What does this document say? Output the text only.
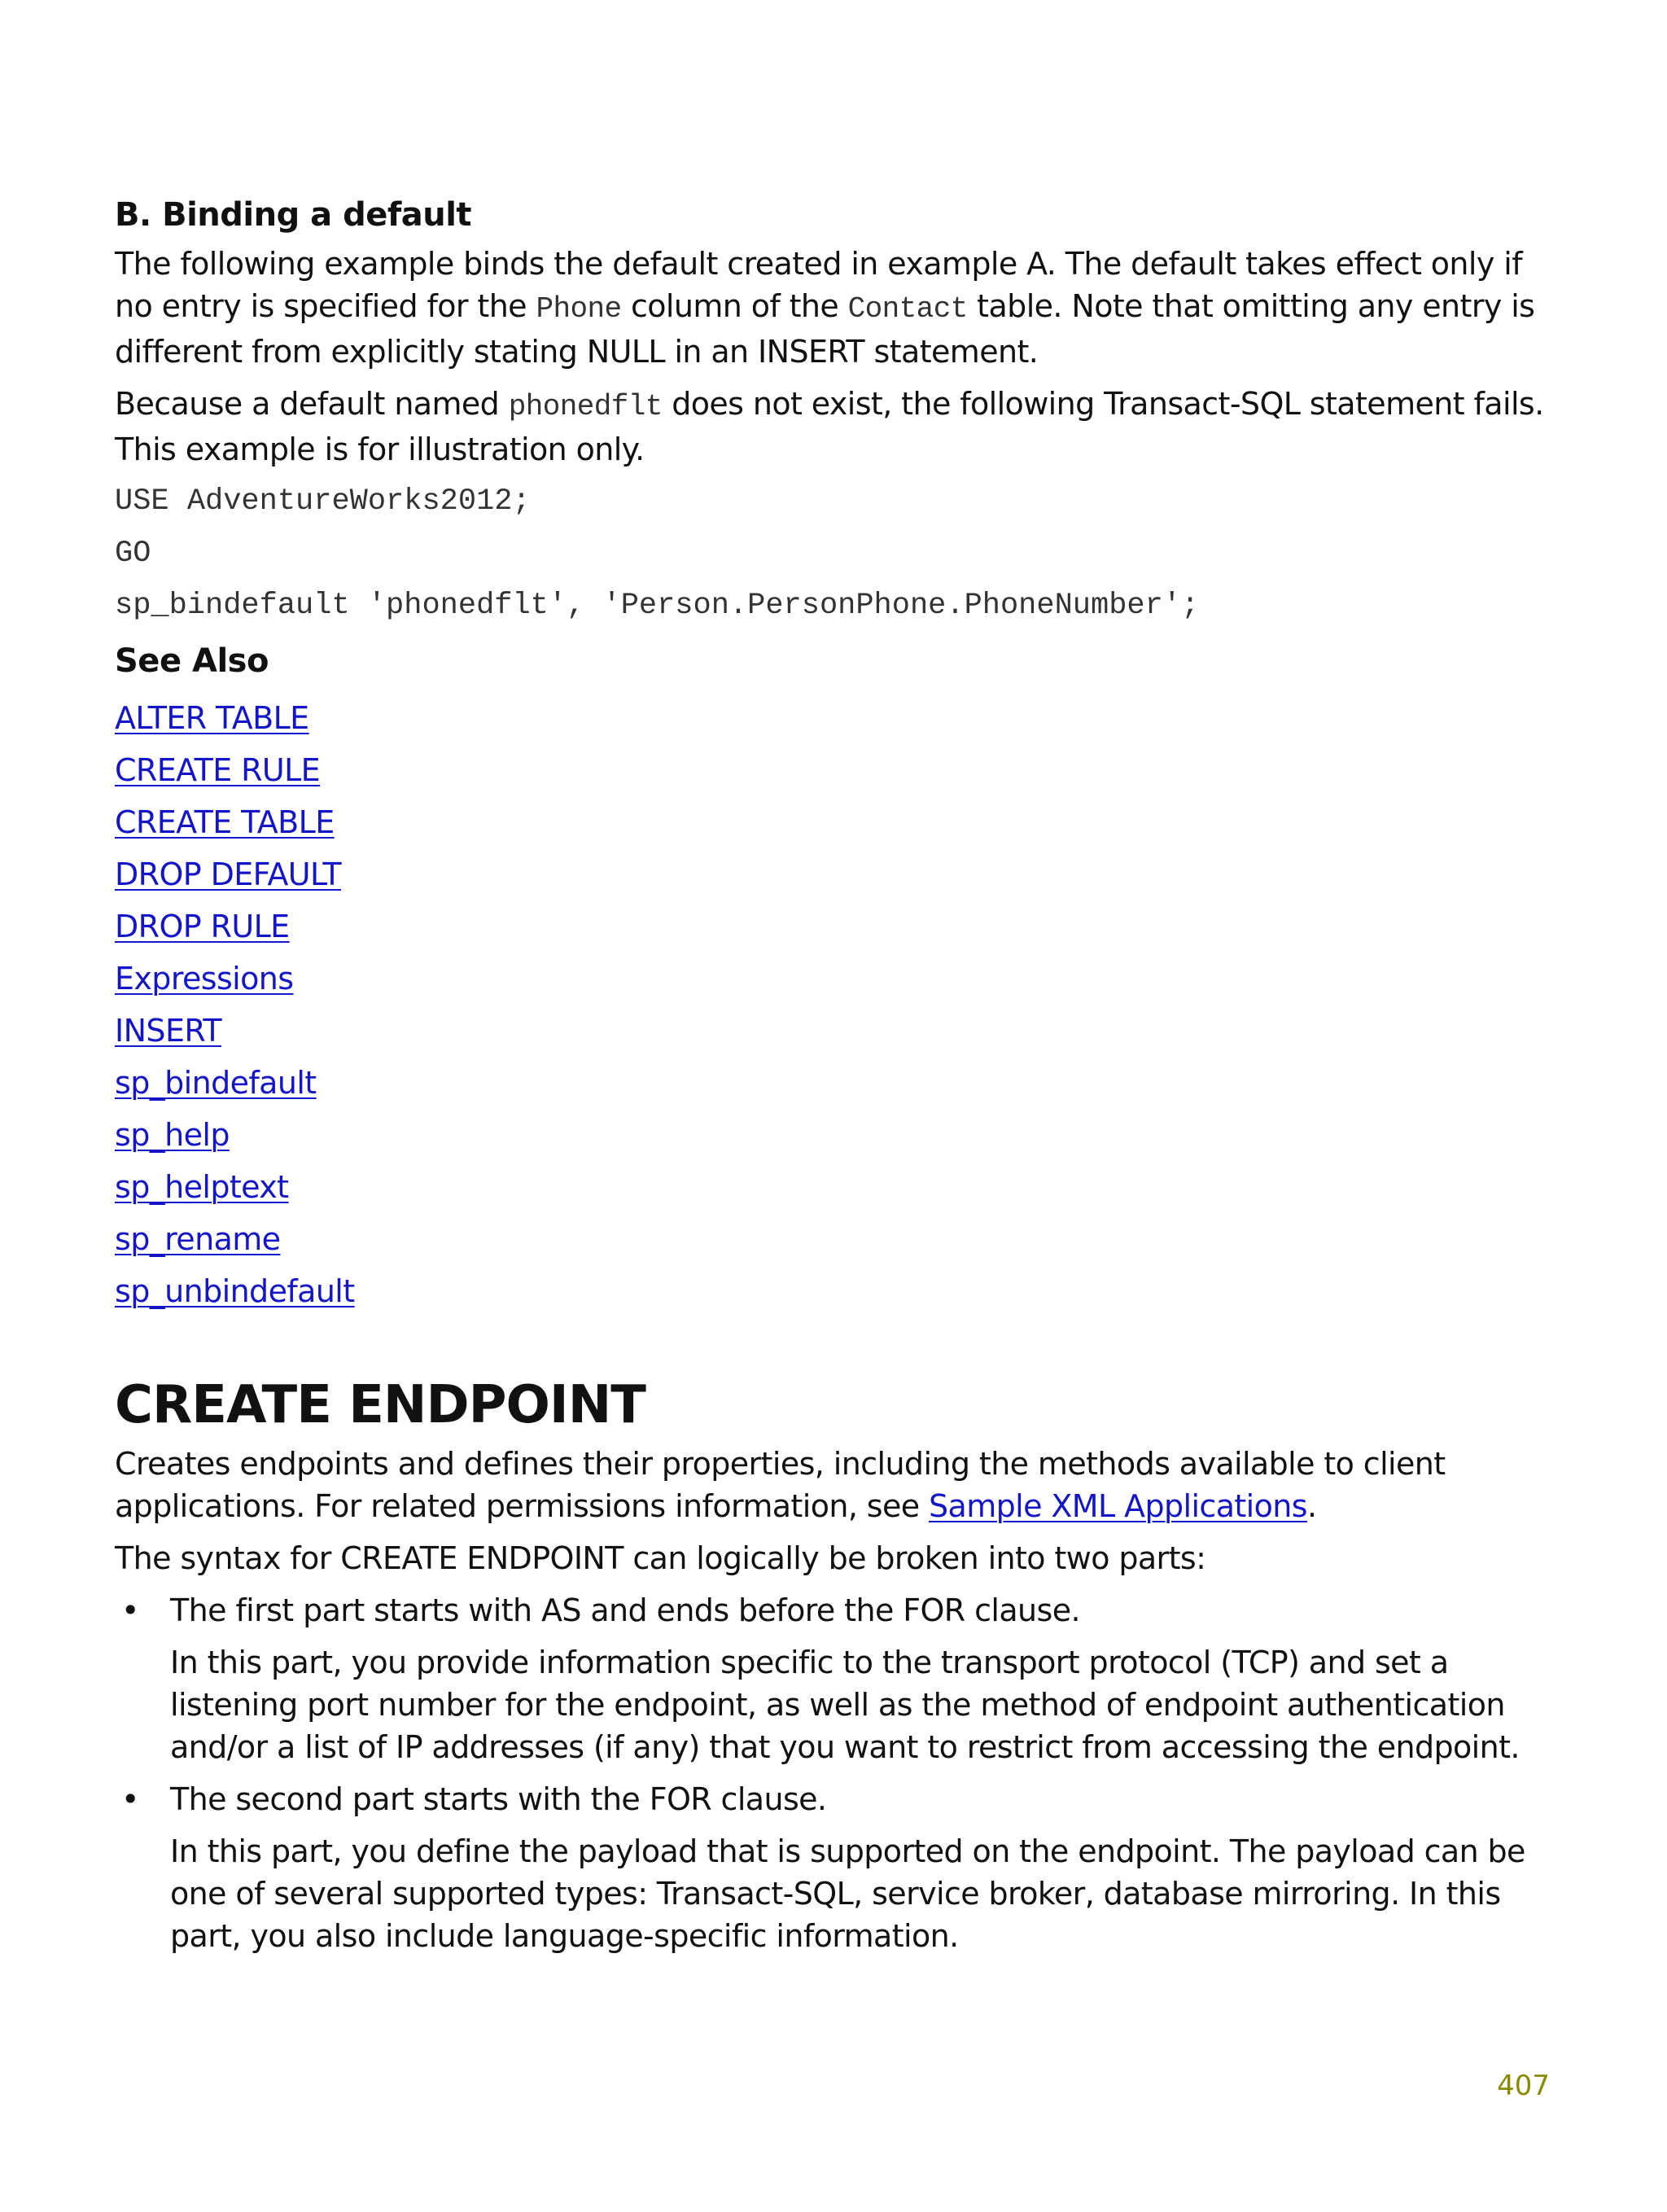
B. Binding a default

The following example binds the default created in example A. The default takes effect only if no entry is specified for the Phone column of the Contact table. Note that omitting any entry is different from explicitly stating NULL in an INSERT statement.

Because a default named phonedflt does not exist, the following Transact-SQL statement fails. This example is for illustration only.

USE AdventureWorks2012;
GO
sp_bindefault 'phonedflt', 'Person.PersonPhone.PhoneNumber';
See Also
ALTER TABLE
CREATE RULE
CREATE TABLE
DROP DEFAULT
DROP RULE
Expressions
INSERT
sp_bindefault
sp_help
sp_helptext
sp_rename
sp_unbindefault
CREATE ENDPOINT

Creates endpoints and defines their properties, including the methods available to client applications. For related permissions information, see Sample XML Applications.

The syntax for CREATE ENDPOINT can logically be broken into two parts:

• The first part starts with AS and ends before the FOR clause.

In this part, you provide information specific to the transport protocol (TCP) and set a listening port number for the endpoint, as well as the method of endpoint authentication and/or a list of IP addresses (if any) that you want to restrict from accessing the endpoint.

• The second part starts with the FOR clause.

In this part, you define the payload that is supported on the endpoint. The payload can be one of several supported types: Transact-SQL, service broker, database mirroring. In this part, you also include language-specific information.

407
